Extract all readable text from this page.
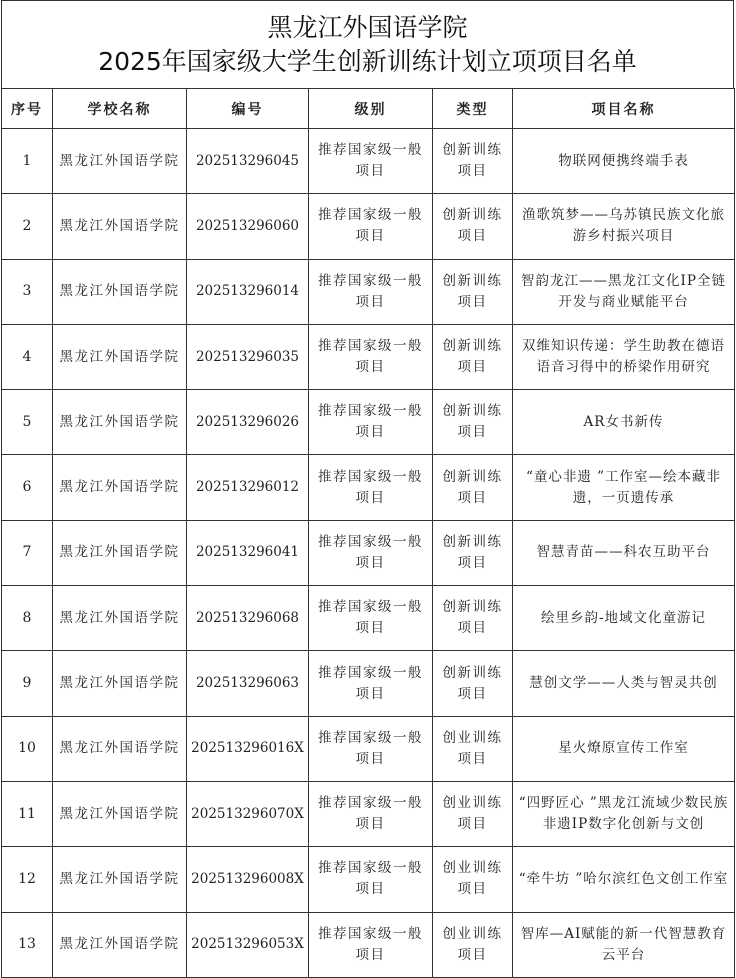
黑龙江外国语学院
2025年国家级大学生创新训练计划立项项目名单
序号	学校名称	编号	级别	类型	项目名称
1	黑龙江外国语学院	202513296045	推荐国家级一般项目	创新训练项目	物联网便携终端手表
2	黑龙江外国语学院	202513296060	推荐国家级一般项目	创新训练项目	渔歌筑梦——乌苏镇民族文化旅游乡村振兴项目
3	黑龙江外国语学院	202513296014	推荐国家级一般项目	创新训练项目	智韵龙江——黑龙江文化IP全链开发与商业赋能平台
4	黑龙江外国语学院	202513296035	推荐国家级一般项目	创新训练项目	双维知识传递：学生助教在德语语音习得中的桥梁作用研究
5	黑龙江外国语学院	202513296026	推荐国家级一般项目	创新训练项目	AR女书新传
6	黑龙江外国语学院	202513296012	推荐国家级一般项目	创新训练项目	“童心非遗 ”工作室—绘本藏非遗，一页遗传承
7	黑龙江外国语学院	202513296041	推荐国家级一般项目	创新训练项目	智慧青苗——科农互助平台
8	黑龙江外国语学院	202513296068	推荐国家级一般项目	创新训练项目	绘里乡韵-地域文化童游记
9	黑龙江外国语学院	202513296063	推荐国家级一般项目	创新训练项目	慧创文学——人类与智灵共创
10	黑龙江外国语学院	202513296016X	推荐国家级一般项目	创业训练项目	星火燎原宣传工作室
11	黑龙江外国语学院	202513296070X	推荐国家级一般项目	创业训练项目	“四野匠心 ”黑龙江流域少数民族非遗IP数字化创新与文创
12	黑龙江外国语学院	202513296008X	推荐国家级一般项目	创业训练项目	“牵牛坊 ”哈尔滨红色文创工作室
13	黑龙江外国语学院	202513296053X	推荐国家级一般项目	创业训练项目	智库—AI赋能的新一代智慧教育云平台
